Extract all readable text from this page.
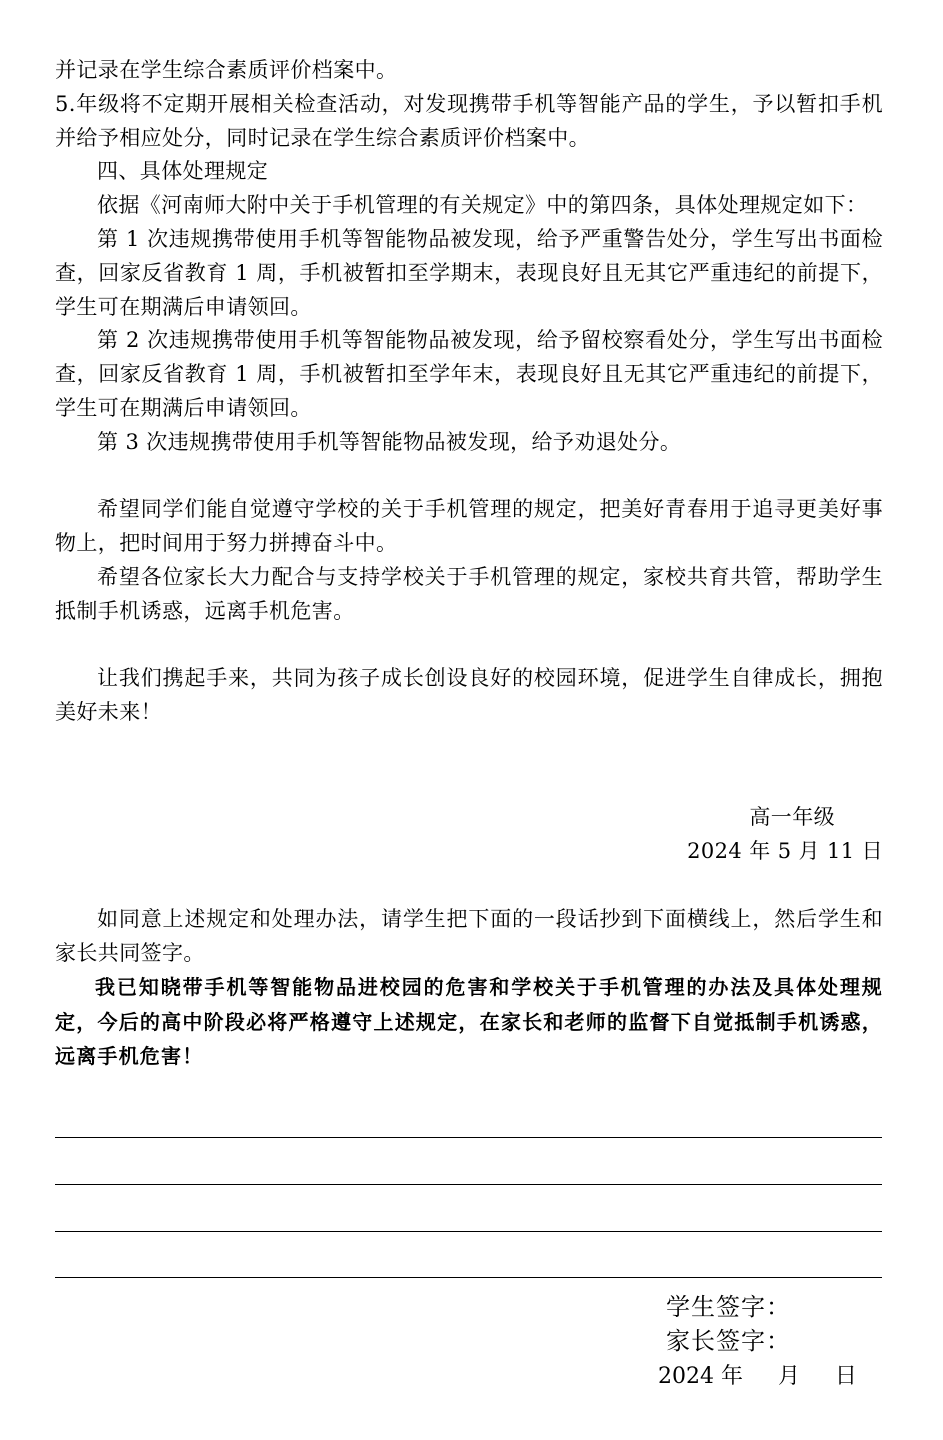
并记录在学生综合素质评价档案中。

5.年级将不定期开展相关检查活动，对发现携带手机等智能产品的学生，予以暂扣手机并给予相应处分，同时记录在学生综合素质评价档案中。

四、具体处理规定

依据《河南师大附中关于手机管理的有关规定》中的第四条，具体处理规定如下：

第 1 次违规携带使用手机等智能物品被发现，给予严重警告处分，学生写出书面检查，回家反省教育 1 周，手机被暂扣至学期末，表现良好且无其它严重违纪的前提下，学生可在期满后申请领回。

第 2 次违规携带使用手机等智能物品被发现，给予留校察看处分，学生写出书面检查，回家反省教育 1 周，手机被暂扣至学年末，表现良好且无其它严重违纪的前提下，学生可在期满后申请领回。

第 3 次违规携带使用手机等智能物品被发现，给予劝退处分。

希望同学们能自觉遵守学校的关于手机管理的规定，把美好青春用于追寻更美好事物上，把时间用于努力拼搏奋斗中。

希望各位家长大力配合与支持学校关于手机管理的规定，家校共育共管，帮助学生抵制手机诱惑，远离手机危害。

让我们携起手来，共同为孩子成长创设良好的校园环境，促进学生自律成长，拥抱美好未来！

高一年级
2024 年 5 月 11 日

如同意上述规定和处理办法，请学生把下面的一段话抄到下面横线上，然后学生和家长共同签字。

我已知晓带手机等智能物品进校园的危害和学校关于手机管理的办法及具体处理规定，今后的高中阶段必将严格遵守上述规定，在家长和老师的监督下自觉抵制手机诱惑，远离手机危害！

学生签字：
家长签字：
2024 年     月     日
